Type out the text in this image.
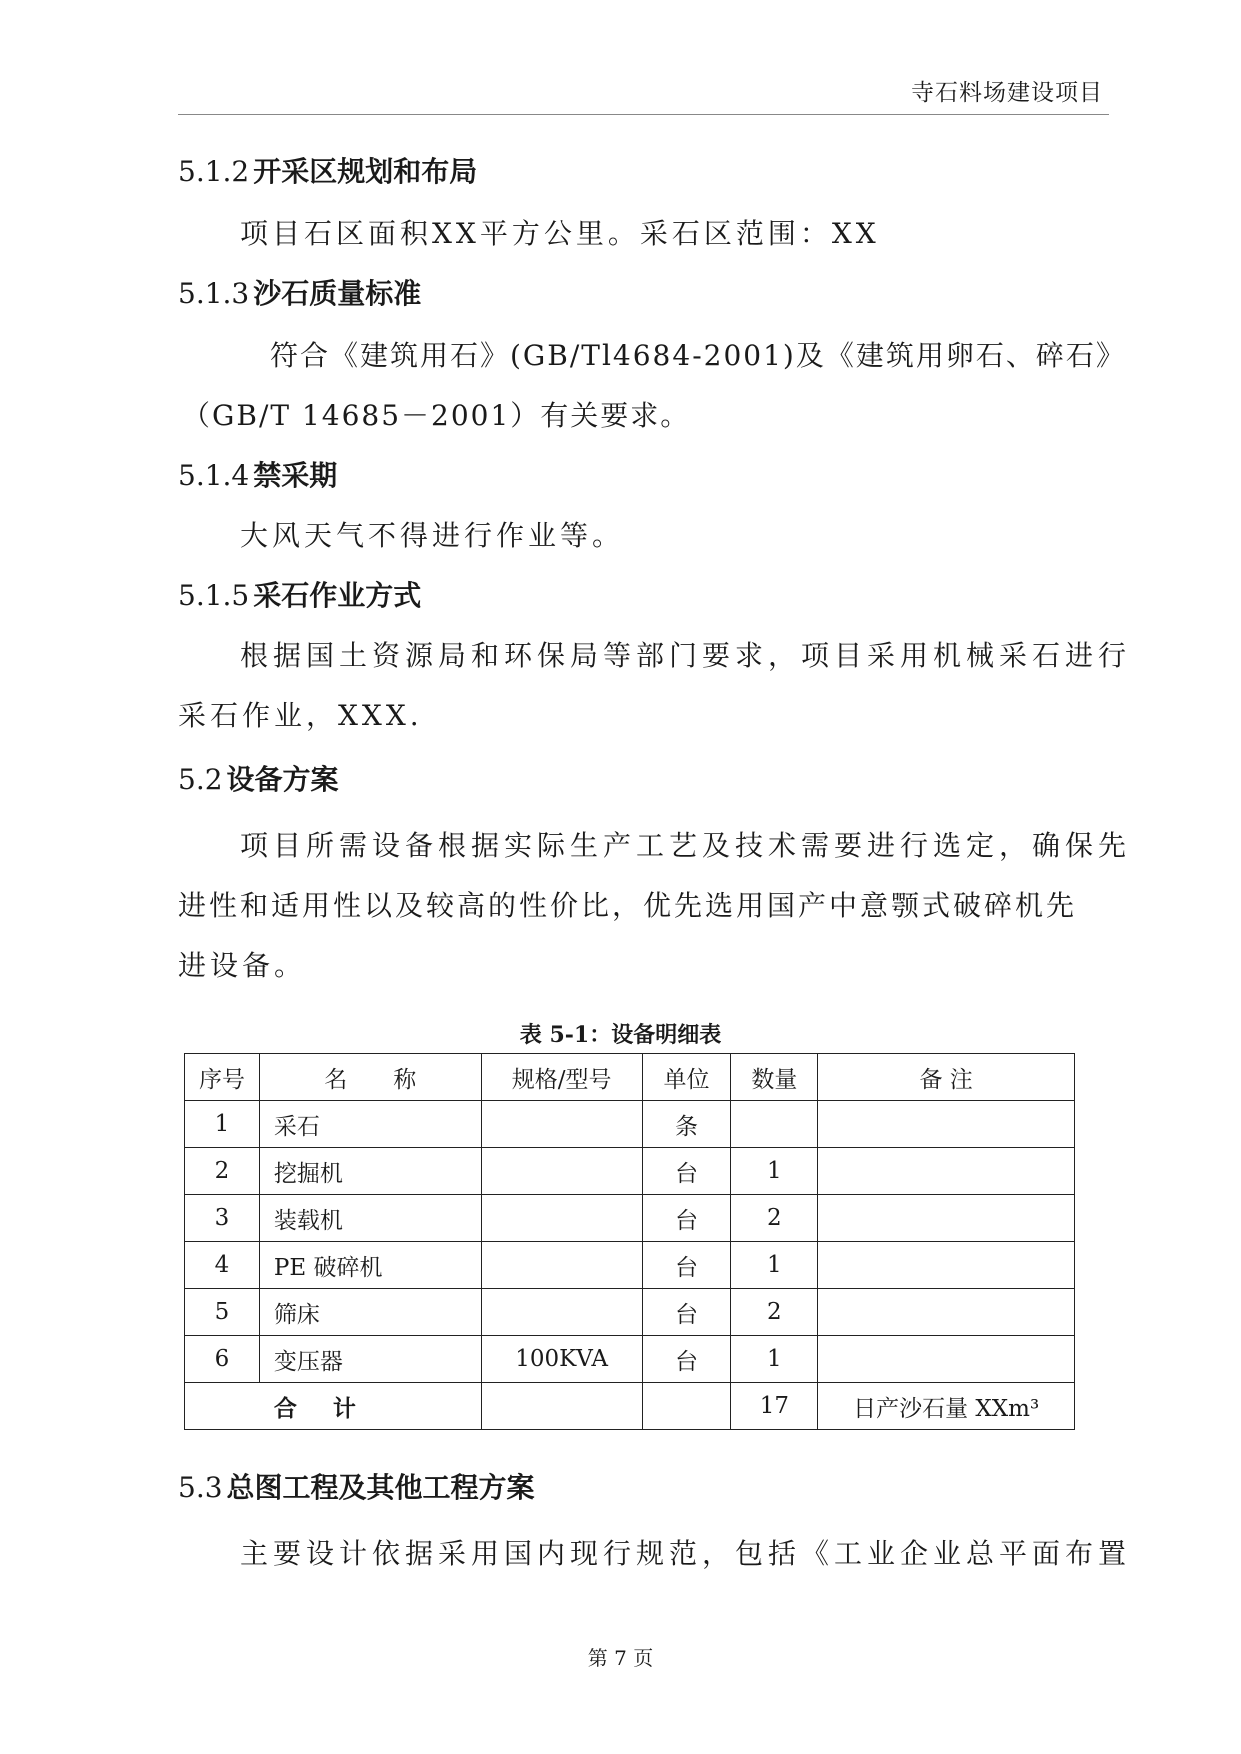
寺石料场建设项目
5.1.2 开采区规划和布局
项目石区面积XX平方公里。采石区范围：XX
5.1.3 沙石质量标准
符合《建筑用石》(GB/Tl4684-2001)及《建筑用卵石、碎石》
（GB/T 14685－2001）有关要求。
5.1.4 禁采期
大风天气不得进行作业等。
5.1.5 采石作业方式
根据国土资源局和环保局等部门要求，项目采用机械采石进行
采石作业，XXX.
5.2 设备方案
项目所需设备根据实际生产工艺及技术需要进行选定，确保先
进性和适用性以及较高的性价比，优先选用国产中意颚式破碎机先
进设备。
表 5-1：设备明细表
序号	名　　称	规格/型号	单位	数量	备 注
1	采石		条		
2	挖掘机		台	1	
3	装载机		台	2	
4	PE 破碎机		台	1	
5	筛床		台	2	
6	变压器	100KVA	台	1	
合计				17	日产沙石量 XXm³
5.3 总图工程及其他工程方案
主要设计依据采用国内现行规范，包括《工业企业总平面布置
第 7 页
